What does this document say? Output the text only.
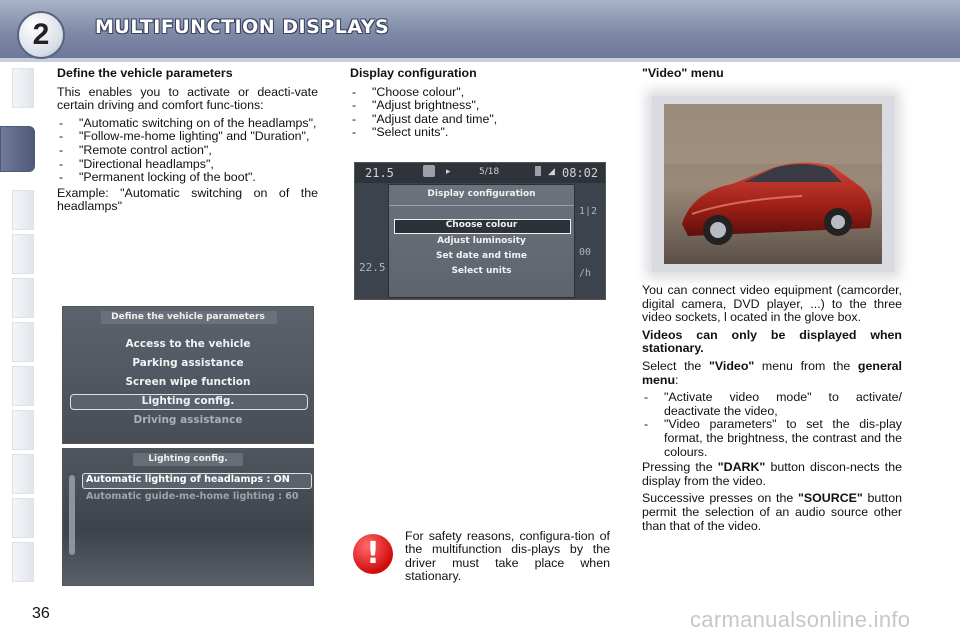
2	MULTIFUNCTION DISPLAYS
Define the vehicle parameters

This enables you to activate or deacti-vate certain driving and comfort func-tions:

- "Automatic switching on of the headlamps",
- "Follow-me-home lighting" and "Duration",
- "Remote control action",
- "Directional headlamps",
- "Permanent locking of the boot".

Example: "Automatic switching on of the headlamps"

Define the vehicle parameters
Access to the vehicle
Parking assistance
Screen wipe function
Lighting config.
Driving assistance
Lighting config.
Automatic lighting of headlamps : ON
Automatic guide-me-home lighting : 60
Display configuration
- "Choose colour",
- "Adjust brightness",
- "Adjust date and time",
- "Select units".
21.5	▸	5/18	◢ 08:02
22.5
1|2
00
/h
Display configuration
Choose colour
Adjust luminosity
Set date and time
Select units
!	For safety reasons, configura-tion of the multifunction dis-plays by the driver must take place when stationary.

"Video" menu

You can connect video equipment (camcorder, digital camera, DVD player, ...) to the three video sockets, l ocated in the glove box.

Videos can only be displayed when stationary.

Select the "Video" menu from the general menu:

- "Activate video mode" to activate/ deactivate the video,
- "Video parameters" to set the dis-play format, the brightness, the contrast and the colours.

Pressing the "DARK" button discon-nects the display from the video.

Successive presses on the "SOURCE" button permit the selection of an audio source other than that of the video.

36	carmanualsonline.info
